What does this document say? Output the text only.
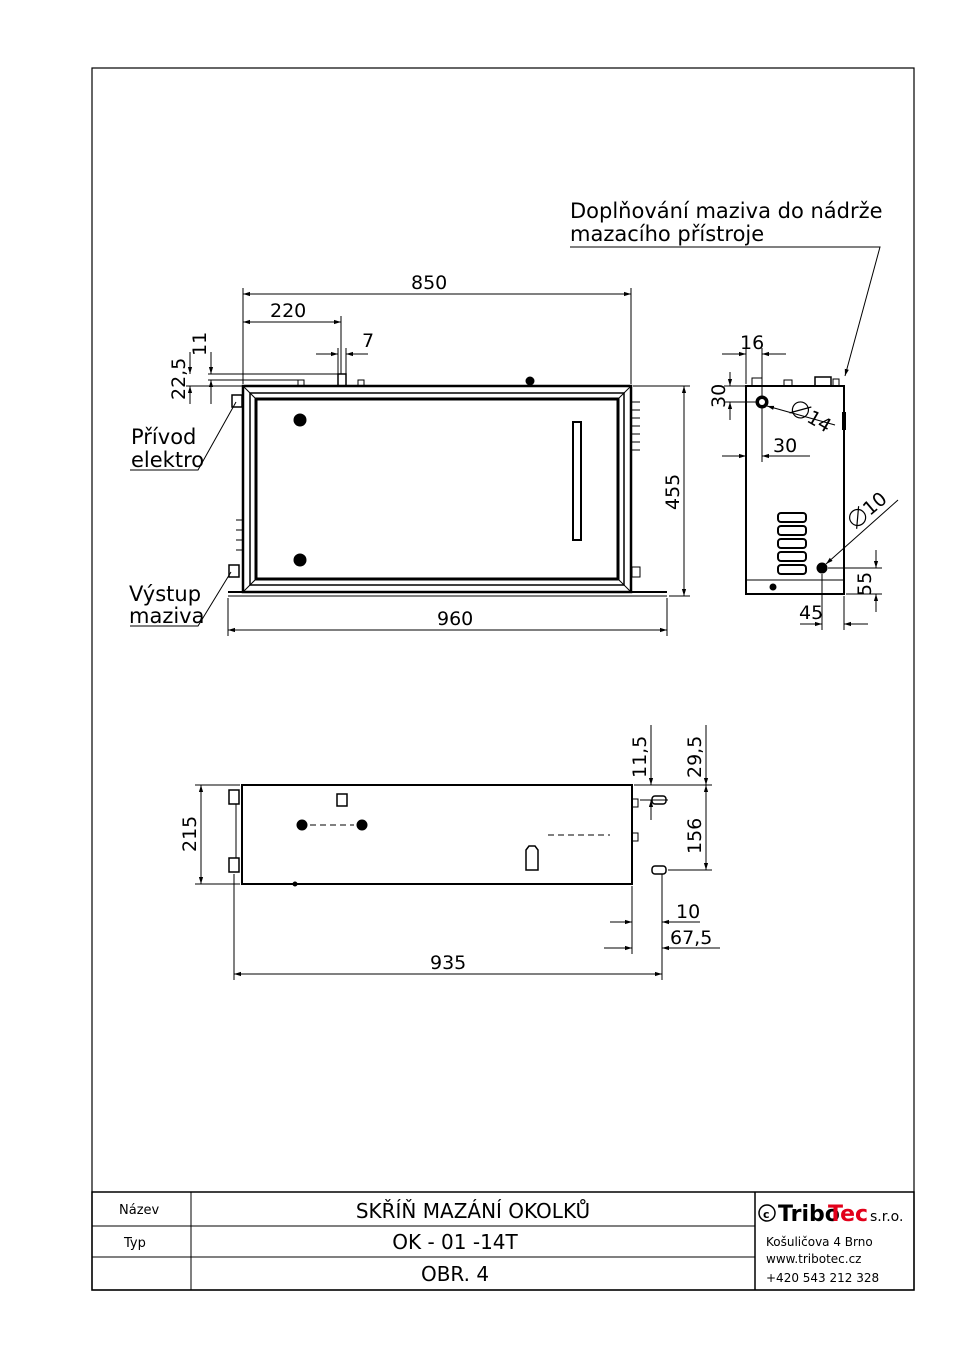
Doplňování maziva do nádrže
mazacího přístroje
Přívod
elektro
Výstup
maziva
850
220
7
11
22,5
455
960
16
30
30
14
10
55
45
215
11,5 29,5
156
10
67,5
935
Název
Typ
SKŘÍŇ MAZÁNÍ OKOLKŮ
OK - 01 -14T
OBR. 4
c Tribo
Tec s.r.o.
Košuličova 4 Brno
www.tribotec.cz
+420 543 212 328
